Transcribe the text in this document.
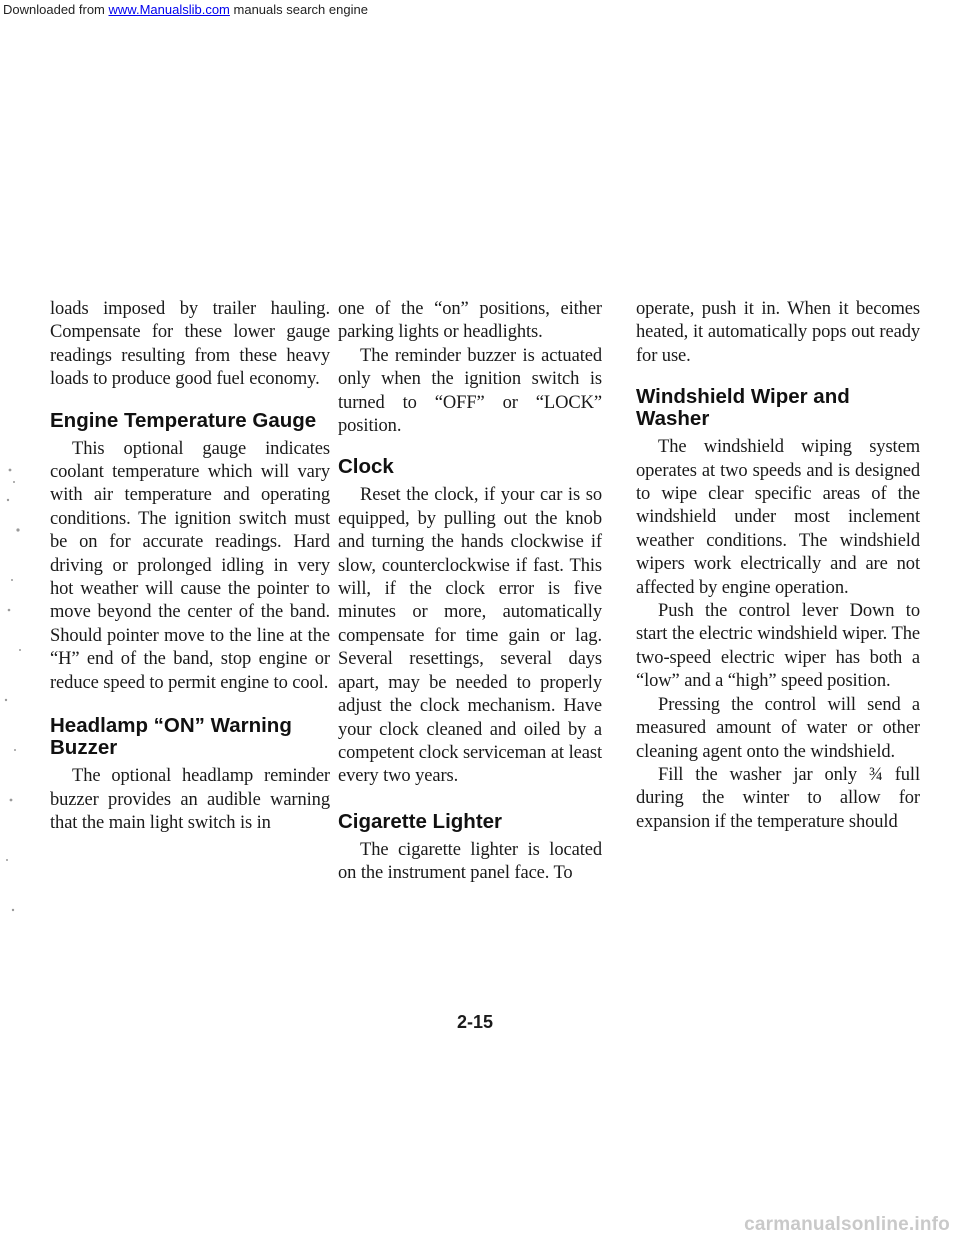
Downloaded from www.Manualslib.com manuals search engine

loads imposed by trailer hauling. Compensate for these lower gauge readings resulting from these heavy loads to produce good fuel economy.

Engine Temperature Gauge

This optional gauge indicates coolant temperature which will vary with air temperature and operating conditions. The ignition switch must be on for accurate readings. Hard driving or prolonged idling in very hot weather will cause the pointer to move beyond the center of the band. Should pointer move to the line at the “H” end of the band, stop engine or reduce speed to permit engine to cool.

Headlamp “ON” Warning Buzzer

The optional headlamp reminder buzzer provides an audible warning that the main light switch is in

one of the “on” positions, either parking lights or headlights.

The reminder buzzer is actuated only when the ignition switch is turned to “OFF” or “LOCK” position.

Clock

Reset the clock, if your car is so equipped, by pulling out the knob and turning the hands clockwise if slow, counterclockwise if fast. This will, if the clock error is five minutes or more, automatically compensate for time gain or lag. Several resettings, several days apart, may be needed to properly adjust the clock mechanism. Have your clock cleaned and oiled by a competent clock serviceman at least every two years.

Cigarette Lighter

The cigarette lighter is located on the instrument panel face. To

operate, push it in. When it becomes heated, it automatically pops out ready for use.

Windshield Wiper and Washer

The windshield wiping system operates at two speeds and is designed to wipe clear specific areas of the windshield under most inclement weather conditions. The windshield wipers work electrically and are not affected by engine operation.

Push the control lever Down to start the electric windshield wiper. The two-speed electric wiper has both a “low” and a “high” speed position.

Pressing the control will send a measured amount of water or other cleaning agent onto the windshield.

Fill the washer jar only ¾ full during the winter to allow for expansion if the temperature should

2-15
carmanualsonline.info
